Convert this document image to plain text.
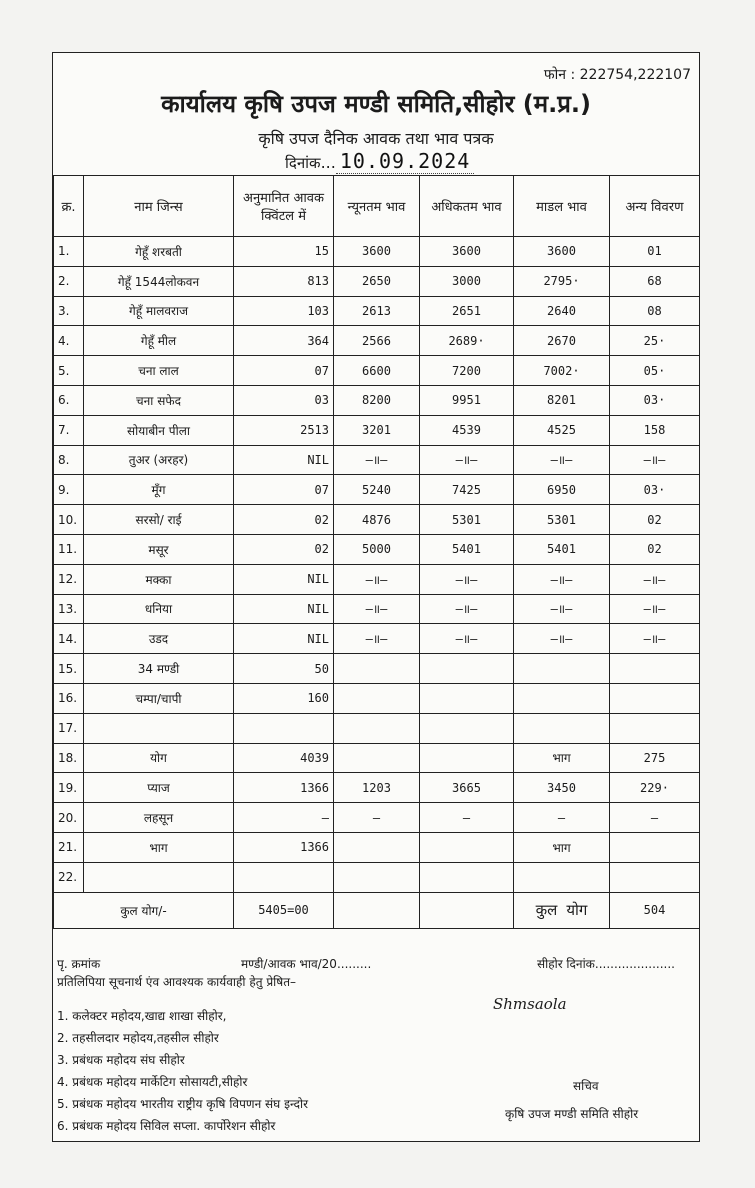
फोन : 222754,222107
कार्यालय कृषि उपज मण्डी समिति,सीहोर (म.प्र.)
कृषि उपज दैनिक आवक तथा भाव पत्रक
दिनांक... 10.09.2024
क्र.	नाम जिन्स	अनुमानित आवक क्विंटल में	न्यूनतम भाव	अधिकतम भाव	माडल भाव	अन्य विवरण
1.	गेहूँ शरबती	15	3600	3600	3600	01
2.	गेहूँ 1544लोकवन	813	2650	3000	2795·	68
3.	गेहूँ मालवराज	103	2613	2651	2640	08
4.	गेहूँ मील	364	2566	2689·	2670	25·
5.	चना लाल	07	6600	7200	7002·	05·
6.	चना सफेद	03	8200	9951	8201	03·
7.	सोयाबीन पीला	2513	3201	4539	4525	158
8.	तुअर (अरहर)	NIL	—॥—	—॥—	—॥—	—॥—
9.	मूँग	07	5240	7425	6950	03·
10.	सरसो/ राई	02	4876	5301	5301	02
11.	मसूर	02	5000	5401	5401	02
12.	मक्का	NIL	—॥—	—॥—	—॥—	—॥—
13.	धनिया	NIL	—॥—	—॥—	—॥—	—॥—
14.	उडद	NIL	—॥—	—॥—	—॥—	—॥—
15.	34 मण्डी	50				
16.	चम्पा/चापी	160				
17.						
18.	योग	4039			भाग	275
19.	प्याज	1366	1203	3665	3450	229·
20.	लहसून	—	—	—	—	—
21.	भाग	1366			भाग	
22.						
कुल योग/-		5405=00			कुल योग	504
पृ. क्रमांक	मण्डी/आवक भाव/20.........	सीहोर दिनांक.....................
प्रतिलिपिया सूचनार्थ एंव आवश्यक कार्यवाही हेतु प्रेषित–
Shmsaola
1. कलेक्टर महोदय,खाद्य शाखा सीहोर,
2. तहसीलदार महोदय,तहसील सीहोर
3. प्रबंधक महोदय संघ सीहोर
4. प्रबंधक महोदय मार्केटिग सोसायटी,सीहोर
5. प्रबंधक महोदय भारतीय राष्ट्रीय कृषि विपणन संघ इन्दोर
6. प्रबंधक महोदय सिविल सप्ला. कार्पोरेशन सीहोर
सचिव
कृषि उपज मण्डी समिति सीहोर
